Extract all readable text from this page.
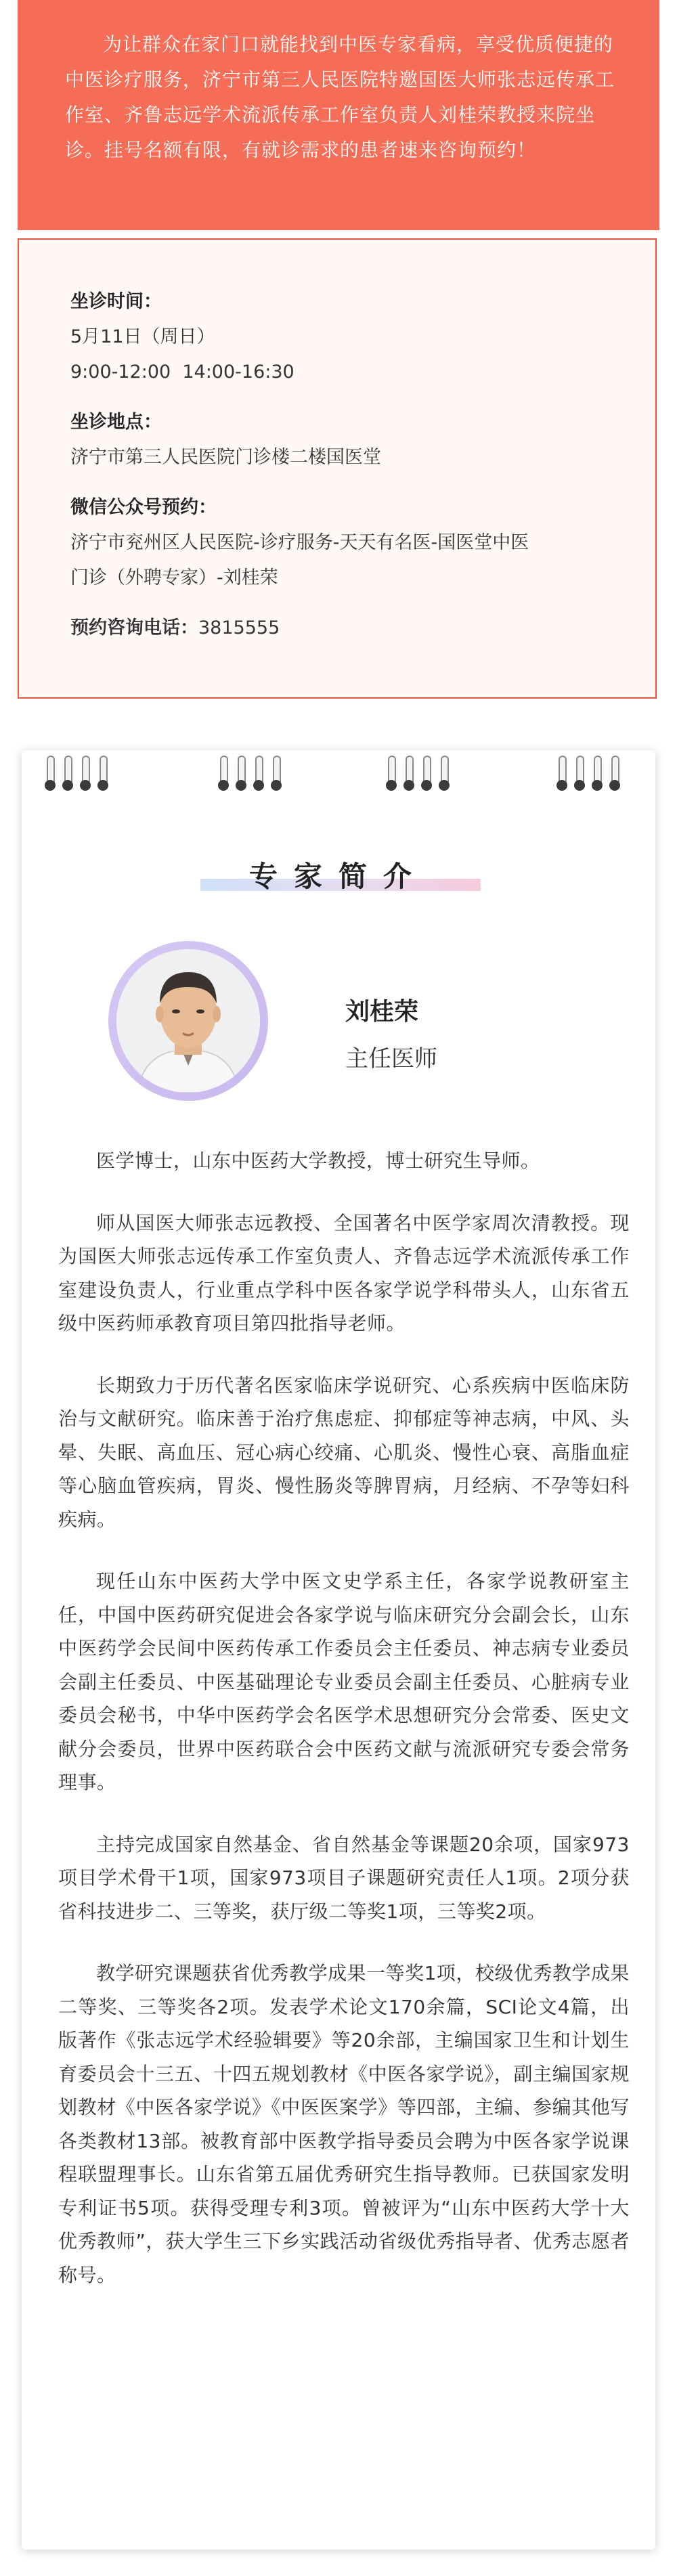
为让群众在家门口就能找到中医专家看病，享受优质便捷的中医诊疗服务，济宁市第三人民医院特邀国医大师张志远传承工作室、齐鲁志远学术流派传承工作室负责人刘桂荣教授来院坐诊。挂号名额有限，有就诊需求的患者速来咨询预约！

坐诊时间：
5月11日（周日）
9:00-12:00  14:00-16:30
坐诊地点：
济宁市第三人民医院门诊楼二楼国医堂
微信公众号预约：
济宁市兖州区人民医院-诊疗服务-天天有名医-国医堂中医
门诊（外聘专家）-刘桂荣
预约咨询电话：3815555
专家简介
刘桂荣
主任医师

医学博士，山东中医药大学教授，博士研究生导师。

师从国医大师张志远教授、全国著名中医学家周次清教授。现为国医大师张志远传承工作室负责人、齐鲁志远学术流派传承工作室建设负责人，行业重点学科中医各家学说学科带头人，山东省五级中医药师承教育项目第四批指导老师。

长期致力于历代著名医家临床学说研究、心系疾病中医临床防治与文献研究。临床善于治疗焦虑症、抑郁症等神志病，中风、头晕、失眠、高血压、冠心病心绞痛、心肌炎、慢性心衰、高脂血症等心脑血管疾病，胃炎、慢性肠炎等脾胃病，月经病、不孕等妇科疾病。

现任山东中医药大学中医文史学系主任，各家学说教研室主任，中国中医药研究促进会各家学说与临床研究分会副会长，山东中医药学会民间中医药传承工作委员会主任委员、神志病专业委员会副主任委员、中医基础理论专业委员会副主任委员、心脏病专业委员会秘书，中华中医药学会名医学术思想研究分会常委、医史文献分会委员，世界中医药联合会中医药文献与流派研究专委会常务理事。

主持完成国家自然基金、省自然基金等课题20余项，国家973项目学术骨干1项，国家973项目子课题研究责任人1项。2项分获省科技进步二、三等奖，获厅级二等奖1项，三等奖2项。

教学研究课题获省优秀教学成果一等奖1项，校级优秀教学成果二等奖、三等奖各2项。发表学术论文170余篇，SCI论文4篇，出版著作《张志远学术经验辑要》等20余部，主编国家卫生和计划生育委员会十三五、十四五规划教材《中医各家学说》，副主编国家规划教材《中医各家学说》《中医医案学》等四部，主编、参编其他写各类教材13部。被教育部中医教学指导委员会聘为中医各家学说课程联盟理事长。山东省第五届优秀研究生指导教师。已获国家发明专利证书5项。获得受理专利3项。曾被评为“山东中医药大学十大优秀教师”，获大学生三下乡实践活动省级优秀指导者、优秀志愿者称号。
